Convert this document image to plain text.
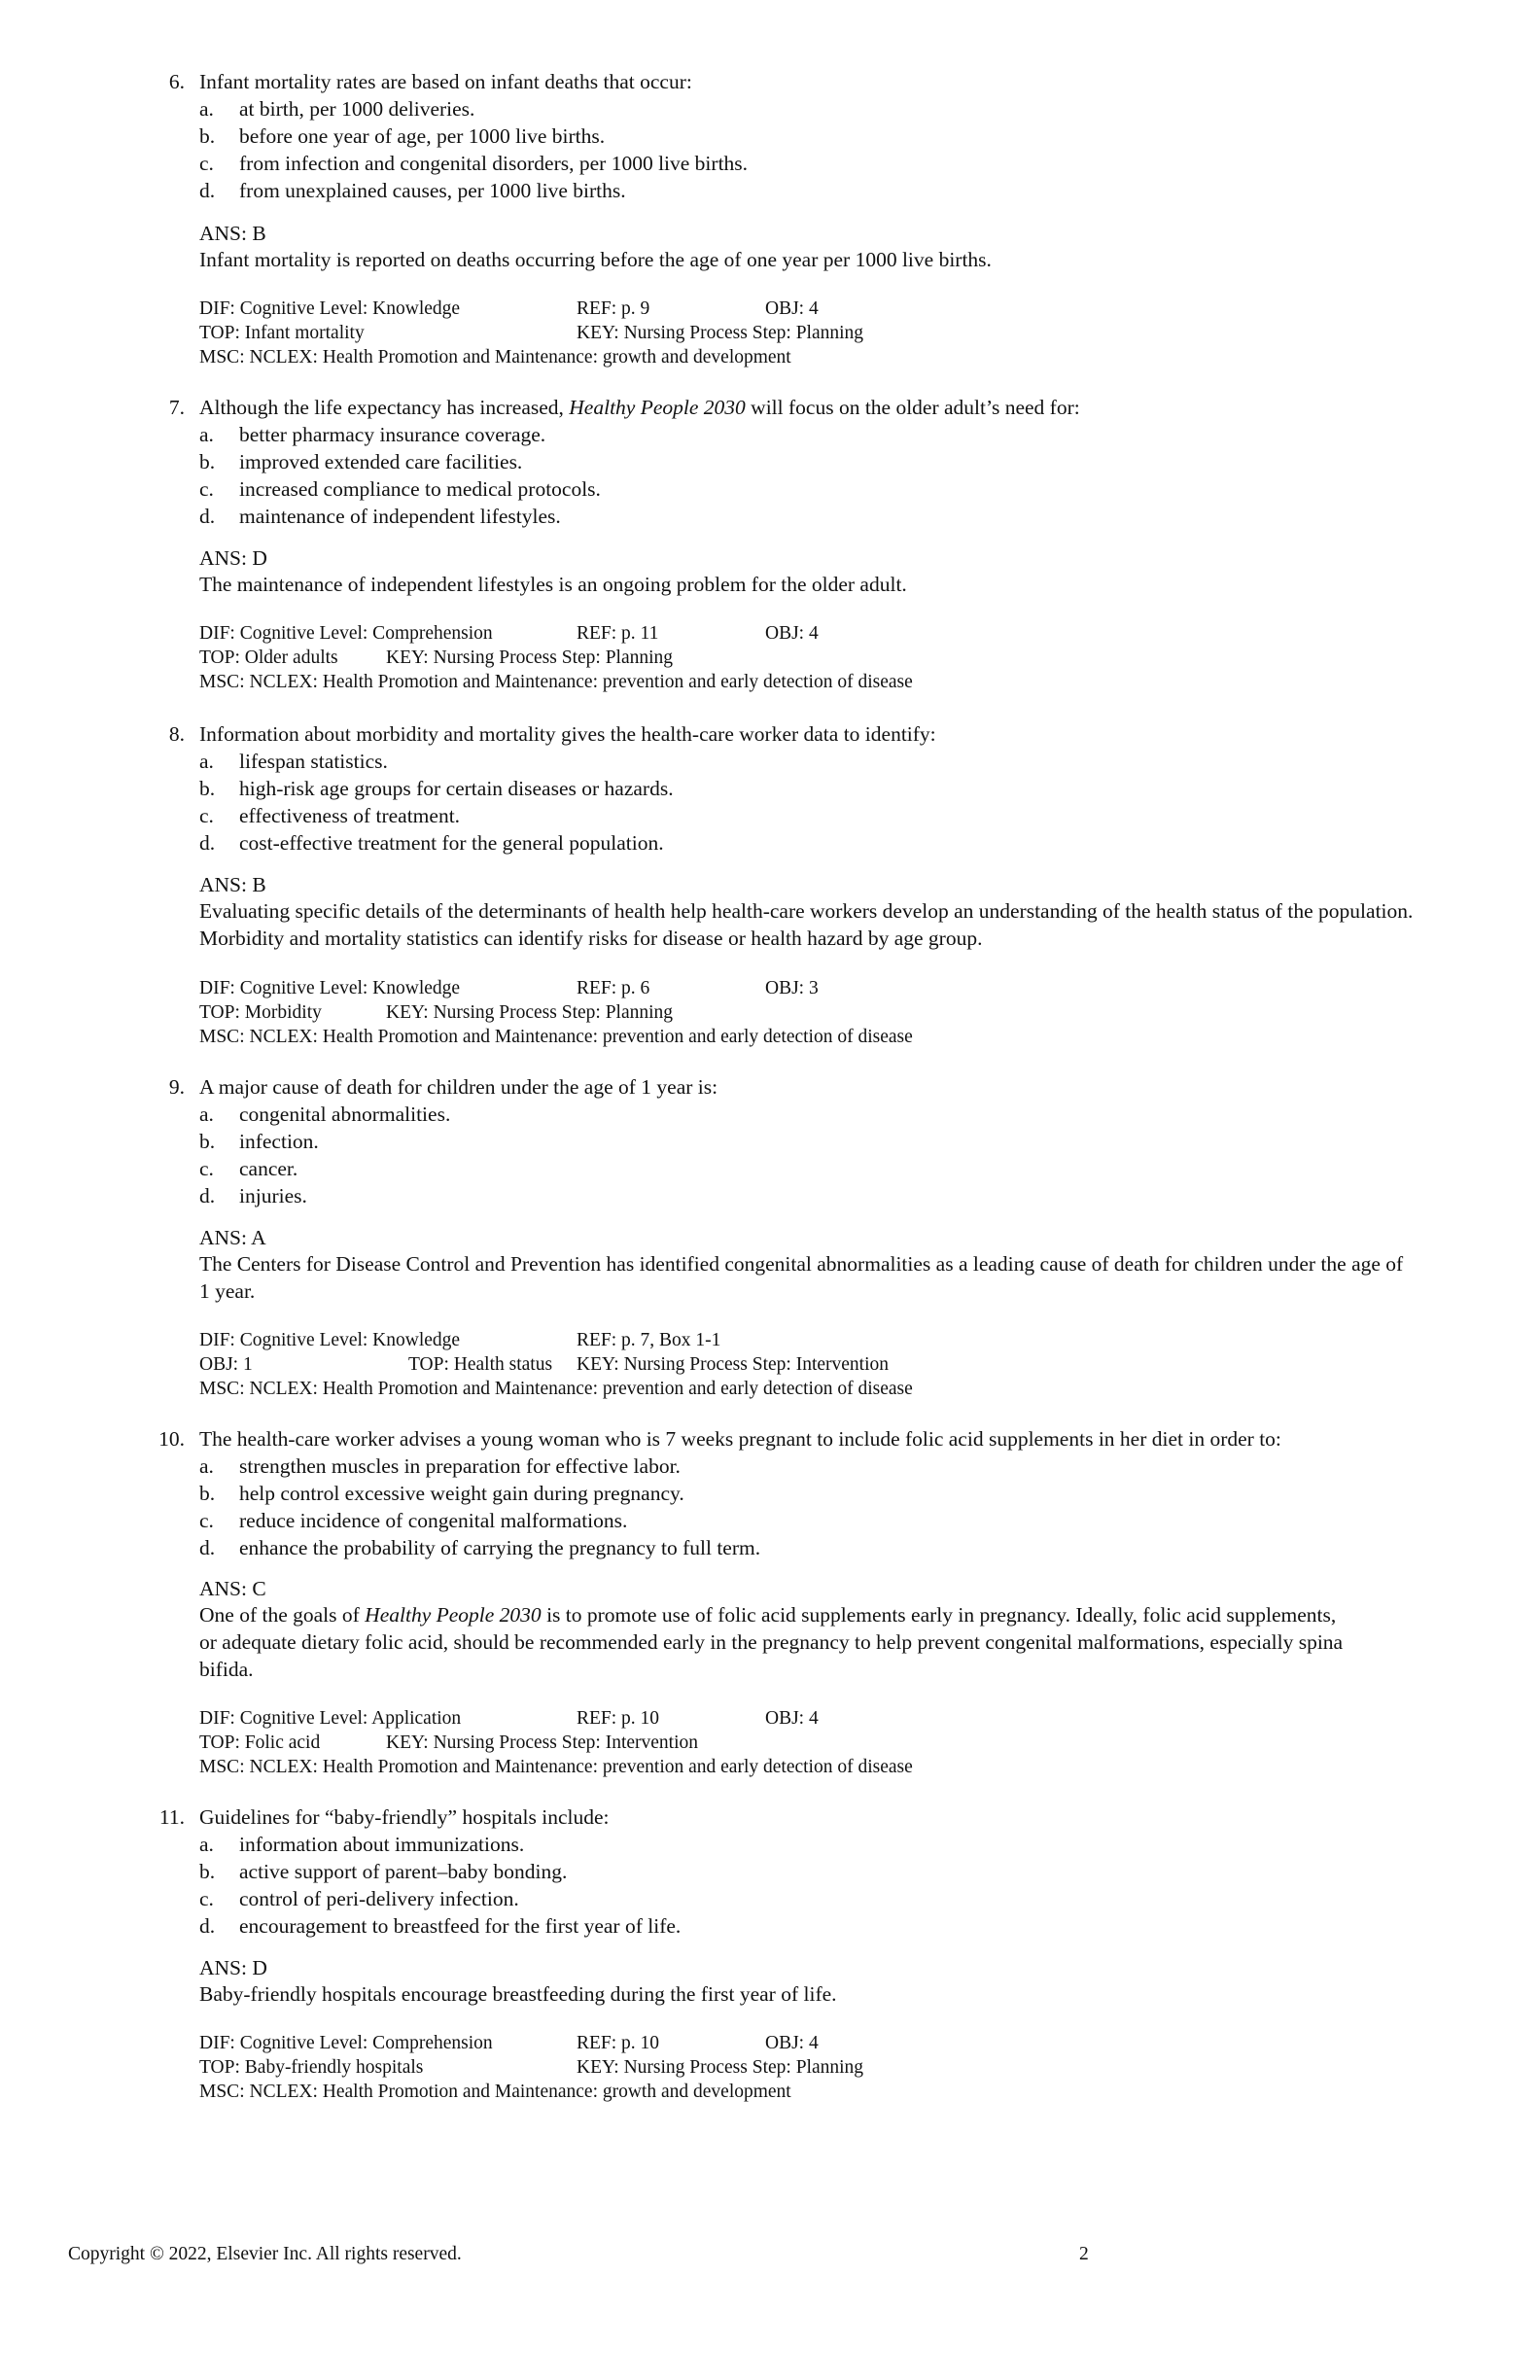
6. Infant mortality rates are based on infant deaths that occur:
a. at birth, per 1000 deliveries.
b. before one year of age, per 1000 live births.
c. from infection and congenital disorders, per 1000 live births.
d. from unexplained causes, per 1000 live births.
ANS: B
Infant mortality is reported on deaths occurring before the age of one year per 1000 live births.
DIF: Cognitive Level: Knowledge	REF: p. 9	OBJ: 4
TOP: Infant mortality	KEY: Nursing Process Step: Planning
MSC: NCLEX: Health Promotion and Maintenance: growth and development
7. Although the life expectancy has increased, Healthy People 2030 will focus on the older adult’s need for:
a. better pharmacy insurance coverage.
b. improved extended care facilities.
c. increased compliance to medical protocols.
d. maintenance of independent lifestyles.
ANS: D
The maintenance of independent lifestyles is an ongoing problem for the older adult.
DIF: Cognitive Level: Comprehension	REF: p. 11	OBJ: 4
TOP: Older adults	KEY: Nursing Process Step: Planning
MSC: NCLEX: Health Promotion and Maintenance: prevention and early detection of disease
8. Information about morbidity and mortality gives the health-care worker data to identify:
a. lifespan statistics.
b. high-risk age groups for certain diseases or hazards.
c. effectiveness of treatment.
d. cost-effective treatment for the general population.
ANS: B
Evaluating specific details of the determinants of health help health-care workers develop an understanding of the health status of the population. Morbidity and mortality statistics can identify risks for disease or health hazard by age group.
DIF: Cognitive Level: Knowledge	REF: p. 6	OBJ: 3
TOP: Morbidity	KEY: Nursing Process Step: Planning
MSC: NCLEX: Health Promotion and Maintenance: prevention and early detection of disease
9. A major cause of death for children under the age of 1 year is:
a. congenital abnormalities.
b. infection.
c. cancer.
d. injuries.
ANS: A
The Centers for Disease Control and Prevention has identified congenital abnormalities as a leading cause of death for children under the age of 1 year.
DIF: Cognitive Level: Knowledge	REF: p. 7, Box 1-1
OBJ: 1	TOP: Health status KEY: Nursing Process Step: Intervention
MSC: NCLEX: Health Promotion and Maintenance: prevention and early detection of disease
10. The health-care worker advises a young woman who is 7 weeks pregnant to include folic acid supplements in her diet in order to:
a. strengthen muscles in preparation for effective labor.
b. help control excessive weight gain during pregnancy.
c. reduce incidence of congenital malformations.
d. enhance the probability of carrying the pregnancy to full term.
ANS: C
One of the goals of Healthy People 2030 is to promote use of folic acid supplements early in pregnancy. Ideally, folic acid supplements, or adequate dietary folic acid, should be recommended early in the pregnancy to help prevent congenital malformations, especially spina bifida.
DIF: Cognitive Level: Application	REF: p. 10	OBJ: 4
TOP: Folic acid	KEY: Nursing Process Step: Intervention
MSC: NCLEX: Health Promotion and Maintenance: prevention and early detection of disease
11. Guidelines for “baby-friendly” hospitals include:
a. information about immunizations.
b. active support of parent–baby bonding.
c. control of peri-delivery infection.
d. encouragement to breastfeed for the first year of life.
ANS: D
Baby-friendly hospitals encourage breastfeeding during the first year of life.
DIF: Cognitive Level: Comprehension	REF: p. 10	OBJ: 4
TOP: Baby-friendly hospitals	KEY: Nursing Process Step: Planning
MSC: NCLEX: Health Promotion and Maintenance: growth and development
Copyright © 2022, Elsevier Inc. All rights reserved.	2
